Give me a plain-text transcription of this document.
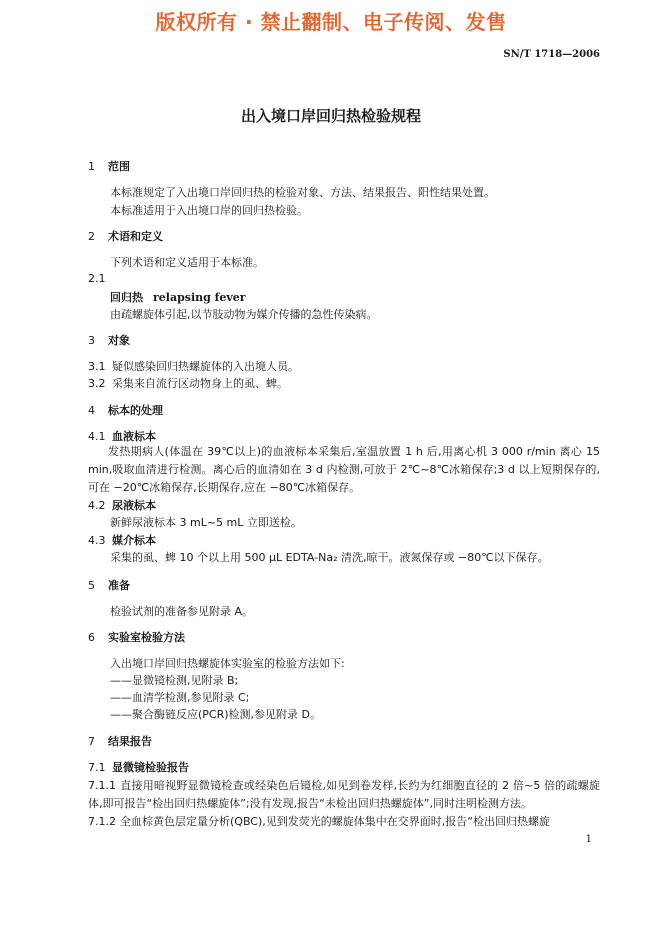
版权所有 · 禁止翻制、电子传阅、发售
SN/T 1718—2006
出入境口岸回归热检验规程
1 范围
本标准规定了入出境口岸回归热的检验对象、方法、结果报告、阳性结果处置。
本标准适用于入出境口岸的回归热检验。
2 术语和定义
下列术语和定义适用于本标准。
2.1
回归热 relapsing fever
由疏螺旋体引起,以节肢动物为媒介传播的急性传染病。
3 对象
3.1 疑似感染回归热螺旋体的入出境人员。
3.2 采集来自流行区动物身上的虱、蜱。
4 标本的处理
4.1 血液标本
发热期病人(体温在 39℃以上)的血液标本采集后,室温放置 1 h 后,用离心机 3 000 r/min 离心 15 min,吸取血清进行检测。离心后的血清如在 3 d 内检测,可放于 2℃~8℃冰箱保存;3 d 以上短期保存的,可在 −20℃冰箱保存,长期保存,应在 −80℃冰箱保存。
4.2 尿液标本
新鲜尿液标本 3 mL~5 mL 立即送检。
4.3 媒介标本
采集的虱、蜱 10 个以上用 500 μL EDTA-Na₂ 清洗,晾干。液氮保存或 −80℃以下保存。
5 准备
检验试剂的准备参见附录 A。
6 实验室检验方法
入出境口岸回归热螺旋体实验室的检验方法如下:
——显微镜检测,见附录 B;
——血清学检测,参见附录 C;
——聚合酶链反应(PCR)检测,参见附录 D。
7 结果报告
7.1 显微镜检验报告
7.1.1 直接用暗视野显微镜检查或经染色后镜检,如见到卷发样,长约为红细胞直径的 2 倍~5 倍的疏螺旋体,即可报告“检出回归热螺旋体”;没有发现,报告“未检出回归热螺旋体”,同时注明检测方法。
7.1.2 全血棕黄色层定量分析(QBC),见到发荧光的螺旋体集中在交界面时,报告“检出回归热螺旋
1
